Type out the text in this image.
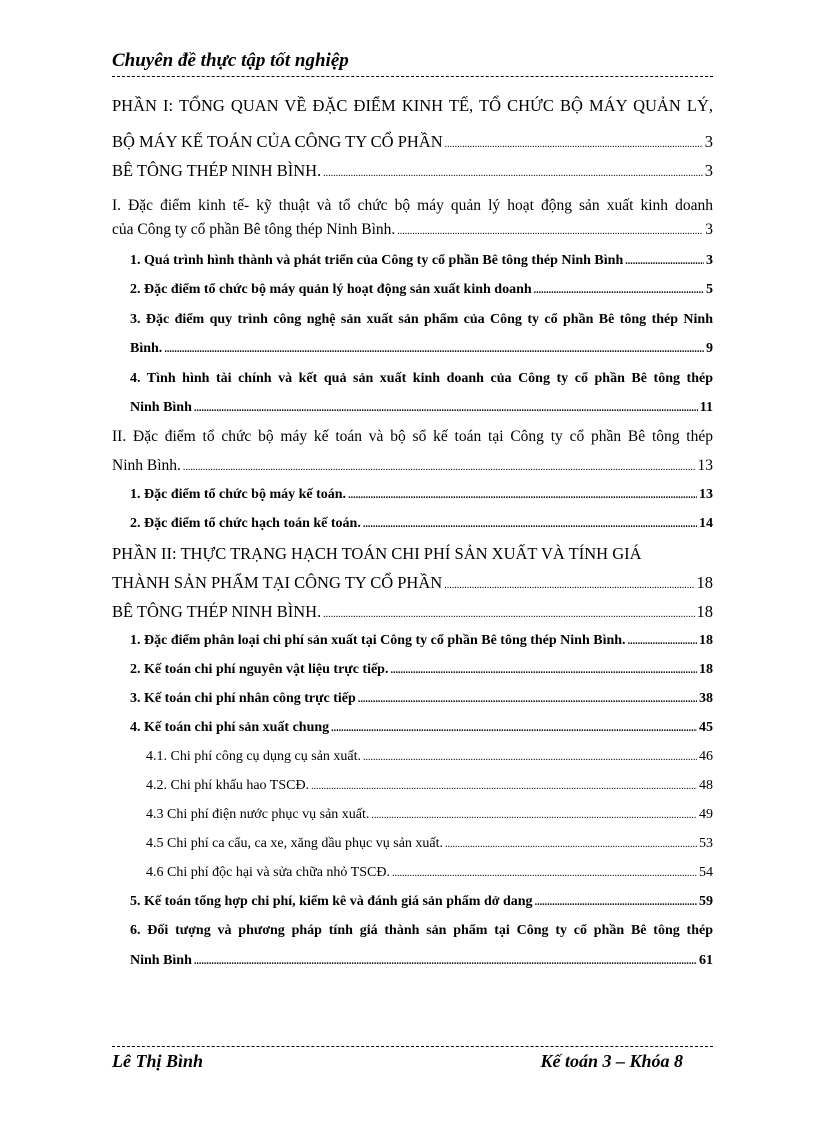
Chuyên đề thực tập tốt nghiệp
PHẦN I: TỔNG QUAN VỀ ĐẶC ĐIỂM KINH TẾ, TỔ CHỨC BỘ MÁY QUẢN LÝ,
BỘ MÁY KẾ TOÁN CỦA CÔNG TY CỔ PHẦN .....	3
BÊ TÔNG THÉP NINH BÌNH. .....	3
I. Đặc điểm kinh tế- kỹ thuật và tổ chức bộ máy quản lý hoạt động sản xuất kinh doanh
của Công ty cổ phần Bê tông thép Ninh Bình. .....	3
1. Quá trình hình thành và phát triển của Công ty cổ phần Bê tông thép Ninh Bình .....	3
2. Đặc điểm tổ chức bộ máy quản lý hoạt động sản xuất kinh doanh .....	5
3. Đặc điểm quy trình công nghệ sản xuất sản phẩm của Công ty cổ phần Bê tông thép Ninh
Bình. .....	9
4. Tình hình tài chính và kết quả sản xuất kinh doanh của Công ty cổ phần Bê tông thép
Ninh Bình .....	11
II. Đặc điểm tổ chức bộ máy kế toán và bộ sổ kế toán tại Công ty cổ phần Bê tông thép
Ninh Bình. .....	13
1. Đặc điểm tổ chức bộ máy kế toán. .....	13
2. Đặc điểm tổ chức hạch toán kế toán. .....	14
PHẦN II: THỰC TRẠNG HẠCH TOÁN CHI PHÍ SẢN XUẤT VÀ TÍNH GIÁ
THÀNH SẢN PHẨM TẠI CÔNG TY CỔ PHẦN .....	18
BÊ TÔNG THÉP NINH BÌNH. .....	18
1. Đặc điểm phân loại chi phí sản xuất tại Công ty cổ phần Bê tông thép Ninh Bình. .....	18
2. Kế toán chi phí nguyên vật liệu trực tiếp. .....	18
3. Kế toán chi phí nhân công trực tiếp .....	38
4. Kế toán chi phí sản xuất chung .....	45
4.1. Chi phí công cụ dụng cụ sản xuất. .....	46
4.2. Chi phí khấu hao TSCĐ. .....	48
4.3 Chi phí điện nước phục vụ sản xuất. .....	49
4.5 Chi phí ca cẩu, ca xe, xăng dầu phục vụ sản xuất. .....	53
4.6 Chi phí độc hại và sửa chữa nhỏ TSCĐ. .....	54
5. Kế toán tổng hợp chi phí, kiểm kê và đánh giá sản phẩm dở dang .....	59
6. Đối tượng và phương pháp tính giá thành sản phẩm tại Công ty cổ phần Bê tông thép
Ninh Bình .....	61
Lê Thị Bình	Kế toán 3 – Khóa 8
